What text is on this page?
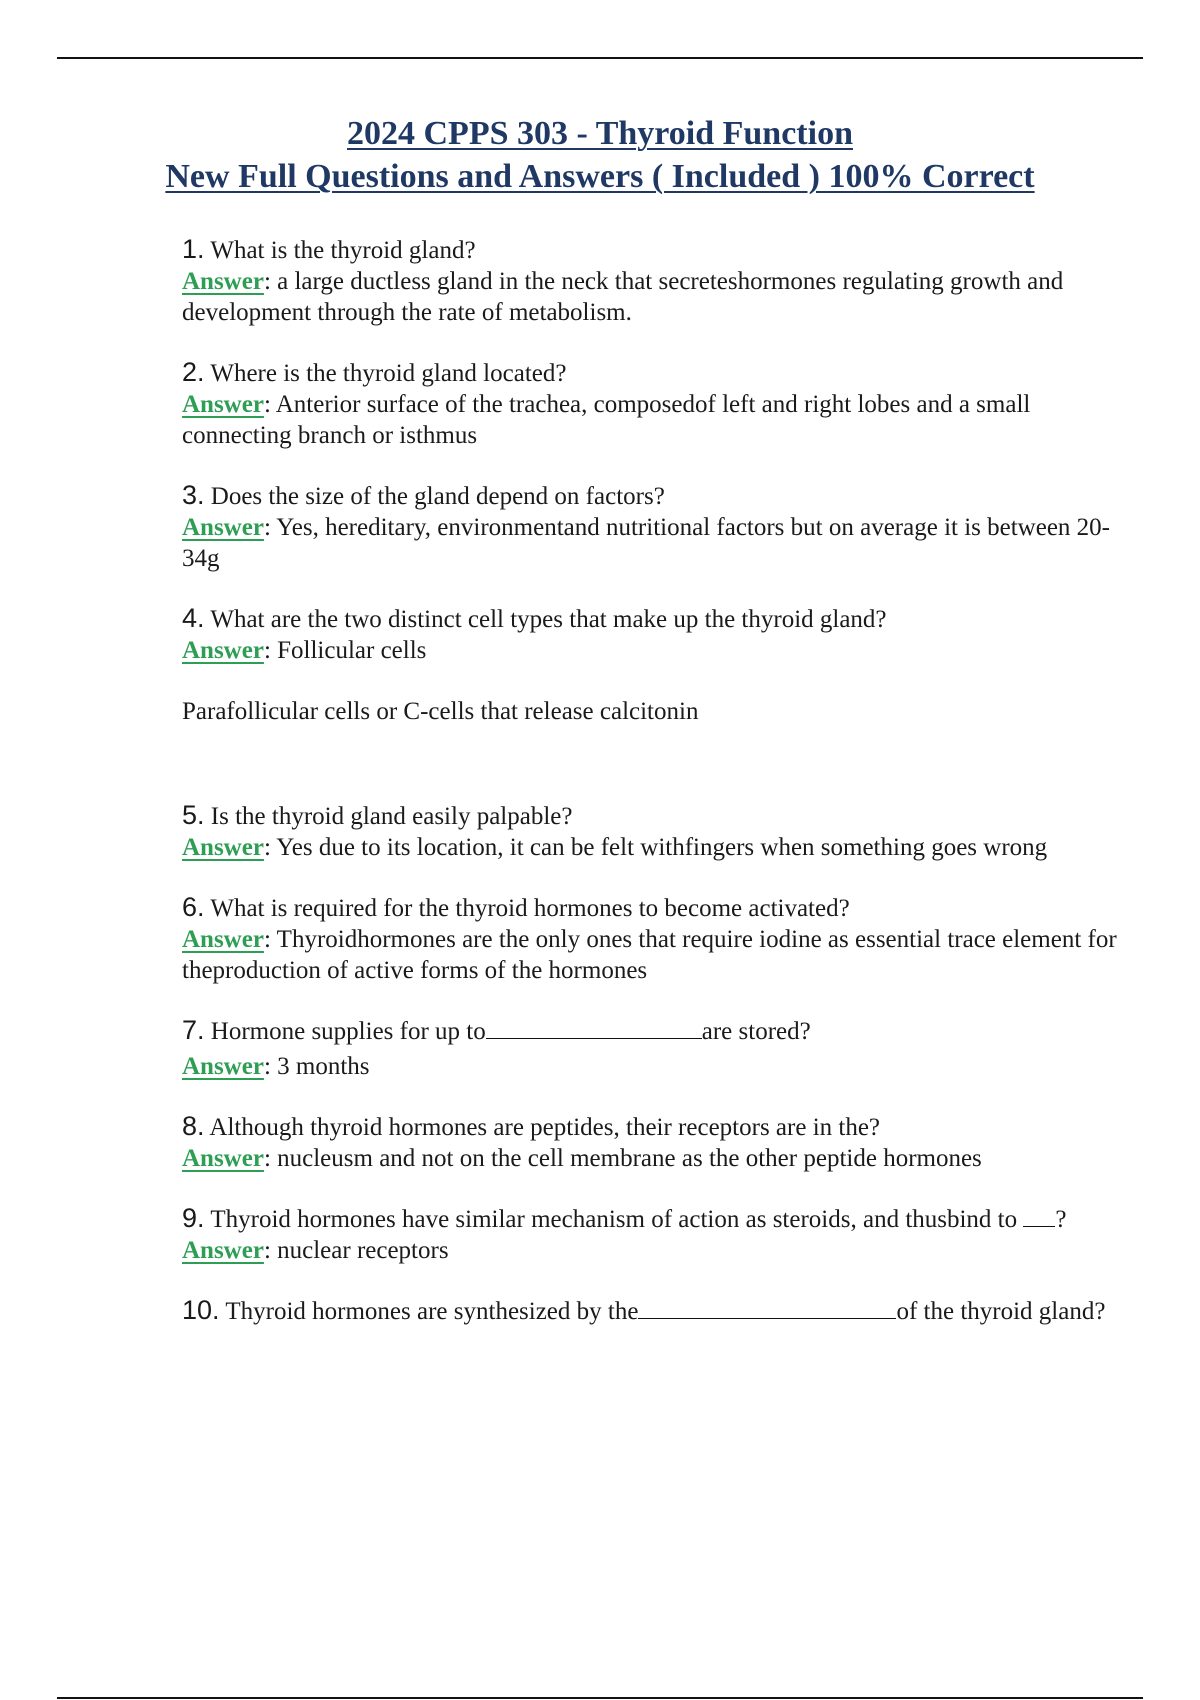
2024 CPPS 303 - Thyroid Function
New Full Questions and Answers ( Included ) 100% Correct
1. What is the thyroid gland?
Answer: a large ductless gland in the neck that secreteshormones regulating growth and development through the rate of metabolism.
2. Where is the thyroid gland located?
Answer: Anterior surface of the trachea, composedof left and right lobes and a small connecting branch or isthmus
3. Does the size of the gland depend on factors?
Answer: Yes, hereditary, environmentand nutritional factors but on average it is between 20-34g
4. What are the two distinct cell types that make up the thyroid gland?
Answer: Follicular cells
Parafollicular cells or C-cells that release calcitonin
5. Is the thyroid gland easily palpable?
Answer: Yes due to its location, it can be felt withfingers when something goes wrong
6. What is required for the thyroid hormones to become activated?
Answer: Thyroidhormones are the only ones that require iodine as essential trace element for theproduction of active forms of the hormones
7. Hormone supplies for up to	are stored?
Answer: 3 months
8. Although thyroid hormones are peptides, their receptors are in the?
Answer: nucleusm and not on the cell membrane as the other peptide hormones
9. Thyroid hormones have similar mechanism of action as steroids, and thusbind to ?
Answer: nuclear receptors
10. Thyroid hormones are synthesized by the	of the thyroid gland?
